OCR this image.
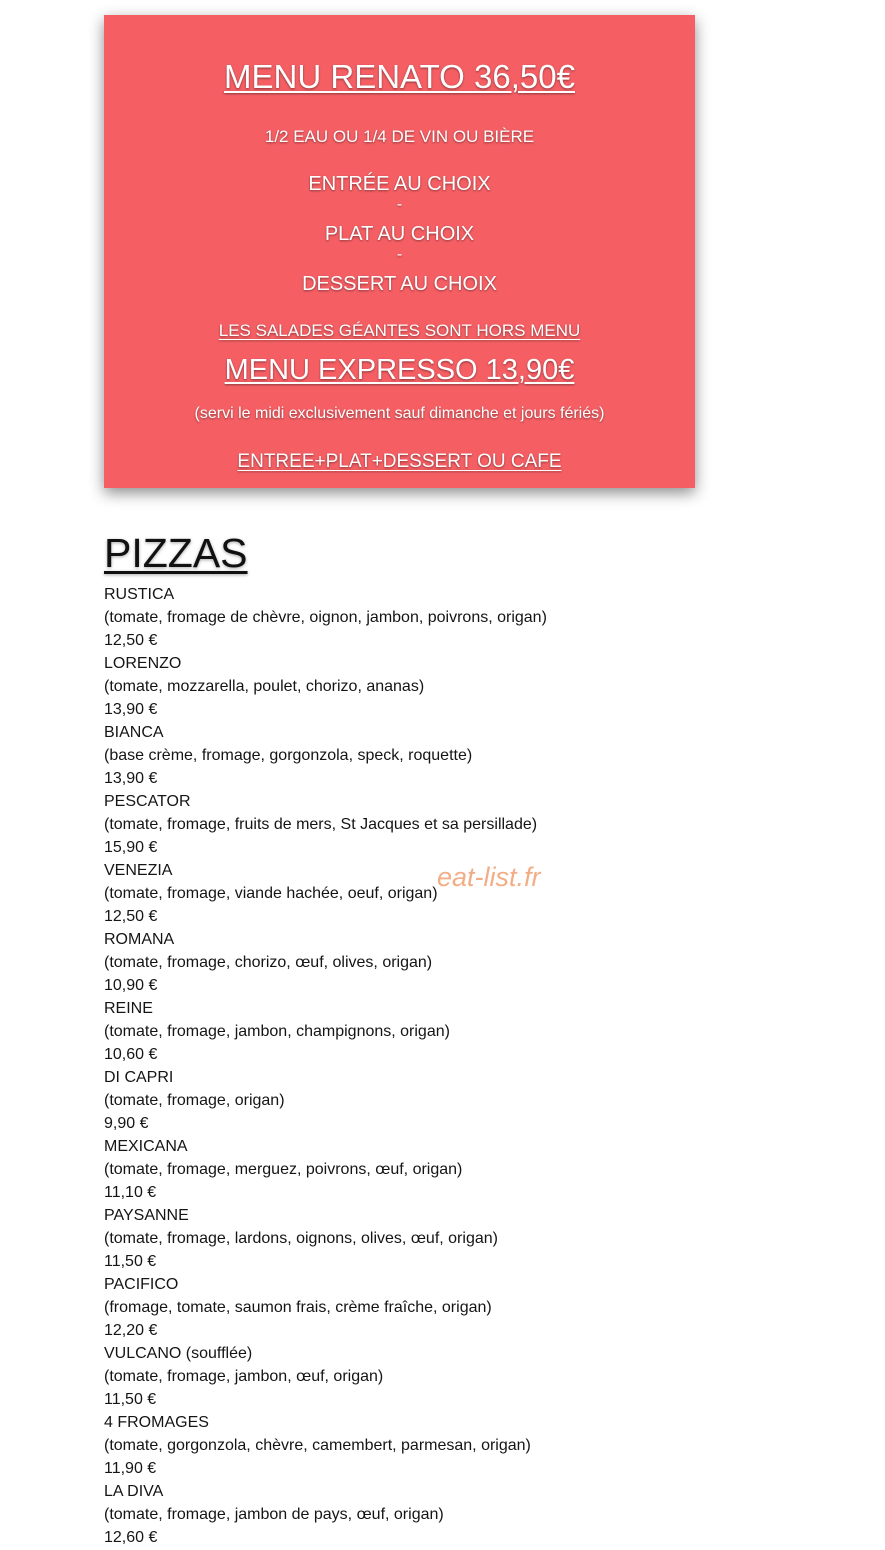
MENU RENATO 36,50€
1/2 EAU OU 1/4 DE VIN OU BIÈRE
ENTRÉE AU CHOIX
-
PLAT AU CHOIX
-
DESSERT AU CHOIX
LES SALADES GÉANTES SONT HORS MENU
MENU EXPRESSO 13,90€
(servi le midi exclusivement sauf dimanche et jours fériés)
ENTREE+PLAT+DESSERT OU CAFE
PIZZAS
RUSTICA
(tomate, fromage de chèvre, oignon, jambon, poivrons, origan)
12,50 €
LORENZO
(tomate, mozzarella, poulet, chorizo, ananas)
13,90 €
BIANCA
(base crème, fromage, gorgonzola, speck, roquette)
13,90 €
PESCATOR
(tomate, fromage, fruits de mers, St Jacques et sa persillade)
15,90 €
VENEZIA
(tomate, fromage, viande hachée, oeuf, origan)
12,50 €
ROMANA
(tomate, fromage, chorizo, œuf, olives, origan)
10,90 €
REINE
(tomate, fromage, jambon, champignons, origan)
10,60 €
DI CAPRI
(tomate, fromage, origan)
9,90 €
MEXICANA
(tomate, fromage, merguez, poivrons, œuf, origan)
11,10 €
PAYSANNE
(tomate, fromage, lardons, oignons, olives, œuf, origan)
11,50 €
PACIFICO
(fromage, tomate, saumon frais, crème fraîche, origan)
12,20 €
VULCANO (soufflée)
(tomate, fromage, jambon, œuf, origan)
11,50 €
4 FROMAGES
(tomate, gorgonzola, chèvre, camembert, parmesan, origan)
11,90 €
LA DIVA
(tomate, fromage, jambon de pays, œuf, origan)
12,60 €
eat-list.fr
